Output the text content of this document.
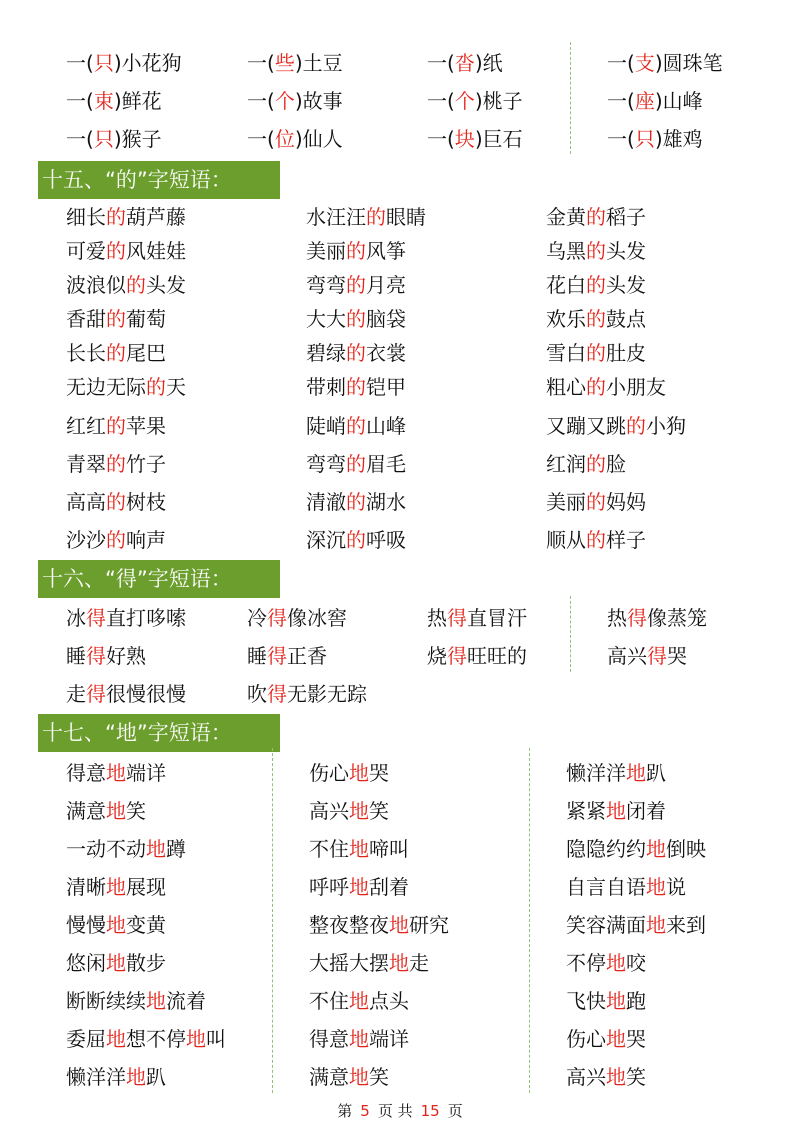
一(只)小花狗	一(些)土豆	一(沓)纸	一(支)圆珠笔
一(束)鲜花	一(个)故事	一(个)桃子	一(座)山峰
一(只)猴子	一(位)仙人	一(块)巨石	一(只)雄鸡
十五、“的”字短语：
细长的葫芦藤	水汪汪的眼睛	金黄的稻子
可爱的风娃娃	美丽的风筝	乌黑的头发
波浪似的头发	弯弯的月亮	花白的头发
香甜的葡萄	大大的脑袋	欢乐的鼓点
长长的尾巴	碧绿的衣裳	雪白的肚皮
无边无际的天	带刺的铠甲	粗心的小朋友
红红的苹果	陡峭的山峰	又蹦又跳的小狗
青翠的竹子	弯弯的眉毛	红润的脸
高高的树枝	清澈的湖水	美丽的妈妈
沙沙的响声	深沉的呼吸	顺从的样子
十六、“得”字短语：
冰得直打哆嗦	冷得像冰窖	热得直冒汗	热得像蒸笼
睡得好熟	睡得正香	烧得旺旺的	高兴得哭
走得很慢很慢	吹得无影无踪
十七、“地”字短语：
得意地端详	伤心地哭	懒洋洋地趴
满意地笑	高兴地笑	紧紧地闭着
一动不动地蹲	不住地啼叫	隐隐约约地倒映
清晰地展现	呼呼地刮着	自言自语地说
慢慢地变黄	整夜整夜地研究	笑容满面地来到
悠闲地散步	大摇大摆地走	不停地咬
断断续续地流着	不住地点头	飞快地跑
委屈地想不停地叫	得意地端详	伤心地哭
懒洋洋地趴	满意地笑	高兴地笑
第 5 页 共 15 页
